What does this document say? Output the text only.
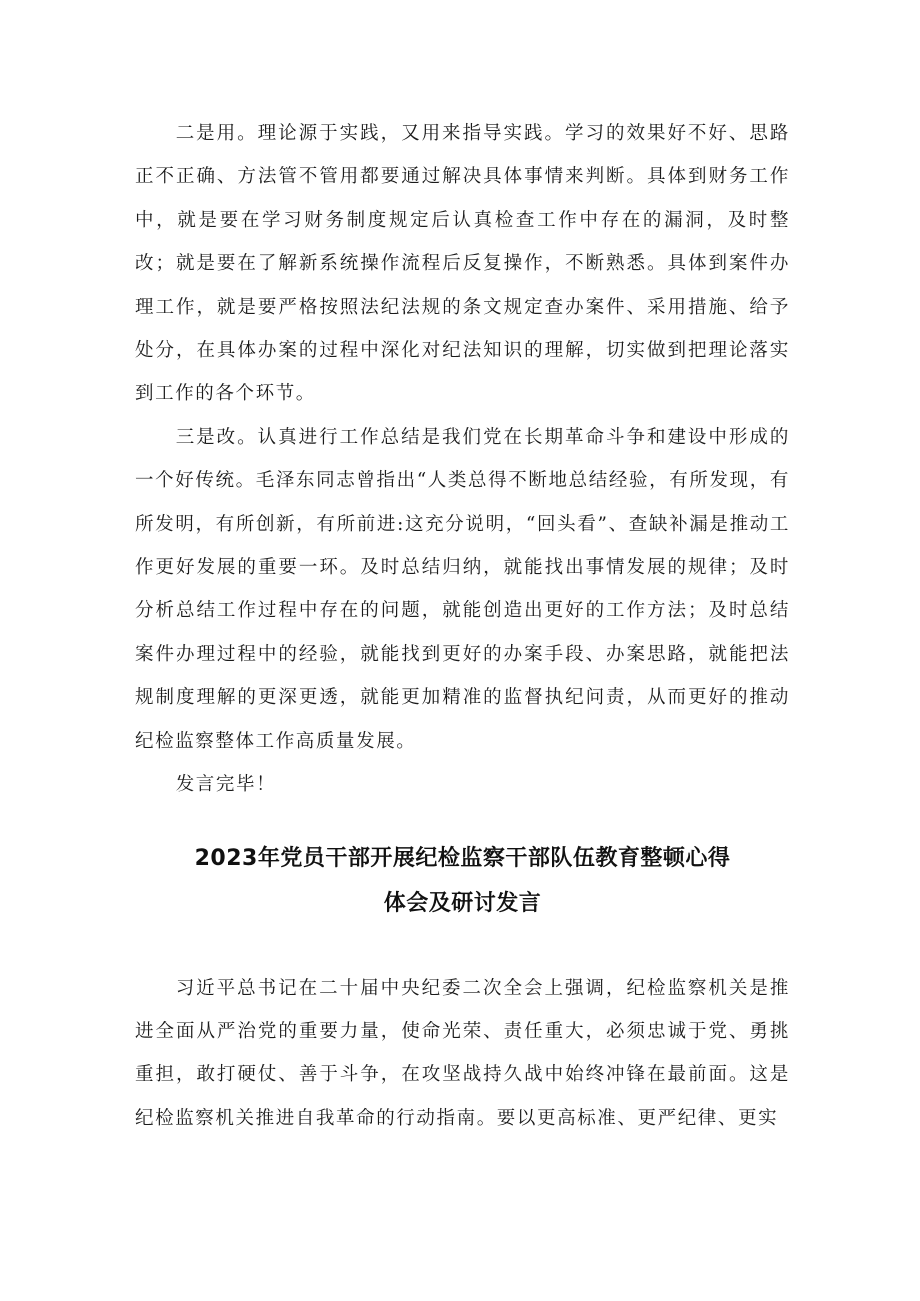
二是用。理论源于实践，又用来指导实践。学习的效果好不好、思路正不正确、方法管不管用都要通过解决具体事情来判断。具体到财务工作中，就是要在学习财务制度规定后认真检查工作中存在的漏洞，及时整改；就是要在了解新系统操作流程后反复操作，不断熟悉。具体到案件办理工作，就是要严格按照法纪法规的条文规定查办案件、采用措施、给予处分，在具体办案的过程中深化对纪法知识的理解，切实做到把理论落实到工作的各个环节。

三是改。认真进行工作总结是我们党在长期革命斗争和建设中形成的一个好传统。毛泽东同志曾指出“人类总得不断地总结经验，有所发现，有所发明，有所创新，有所前进:这充分说明，“回头看”、查缺补漏是推动工作更好发展的重要一环。及时总结归纳，就能找出事情发展的规律；及时分析总结工作过程中存在的问题，就能创造出更好的工作方法；及时总结案件办理过程中的经验，就能找到更好的办案手段、办案思路，就能把法规制度理解的更深更透，就能更加精准的监督执纪问责，从而更好的推动纪检监察整体工作高质量发展。

发言完毕！

2023年党员干部开展纪检监察干部队伍教育整顿心得
体会及研讨发言

习近平总书记在二十届中央纪委二次全会上强调，纪检监察机关是推进全面从严治党的重要力量，使命光荣、责任重大，必须忠诚于党、勇挑重担，敢打硬仗、善于斗争，在攻坚战持久战中始终冲锋在最前面。这是纪检监察机关推进自我革命的行动指南。要以更高标准、更严纪律、更实
